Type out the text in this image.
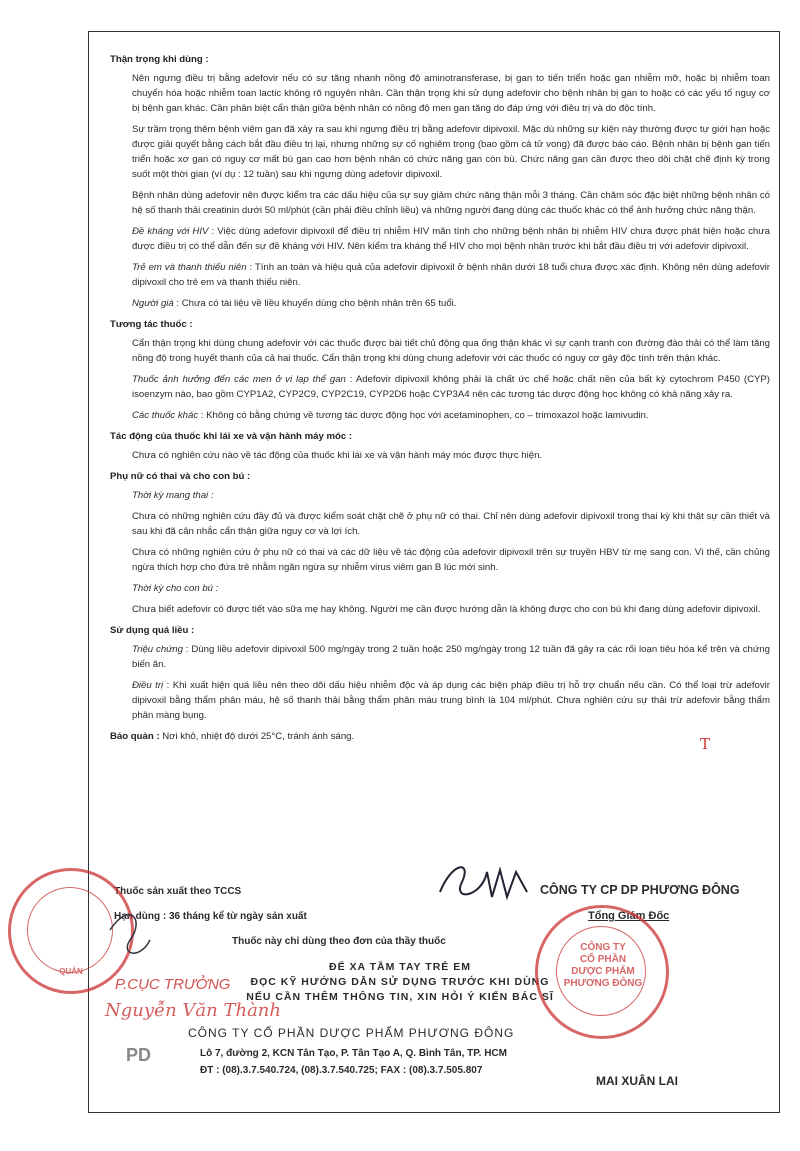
Thận trọng khi dùng :
Nên ngưng điều trị bằng adefovir nếu có sự tăng nhanh nồng độ aminotransferase, bị gan to tiến triển hoặc gan nhiễm mỡ, hoặc bị nhiễm toan chuyển hóa hoặc nhiễm toan lactic không rõ nguyên nhân. Cần thận trọng khi sử dụng adefovir cho bệnh nhân bị gan to hoặc có các yếu tố nguy cơ bị bệnh gan khác. Cần phân biệt cẩn thận giữa bệnh nhân có nồng độ men gan tăng do đáp ứng với điều trị và do độc tính.
Sự trầm trọng thêm bệnh viêm gan đã xảy ra sau khi ngưng điều trị bằng adefovir dipivoxil. Mặc dù những sự kiện này thường được tự giới hạn hoặc được giải quyết bằng cách bắt đầu điều trị lại, nhưng những sự cố nghiêm trọng (bao gồm cả tử vong) đã được báo cáo. Bệnh nhân bị bệnh gan tiến triển hoặc xơ gan có nguy cơ mất bù gan cao hơn bệnh nhân có chức năng gan còn bù. Chức năng gan cần được theo dõi chặt chẽ định kỳ trong suốt một thời gian (ví dụ : 12 tuần) sau khi ngưng dùng adefovir dipivoxil.
Bệnh nhân dùng adefovir nên được kiểm tra các dấu hiệu của sự suy giảm chức năng thận mỗi 3 tháng. Cần chăm sóc đặc biệt những bệnh nhân có hệ số thanh thải creatinin dưới 50 ml/phút (cần phải điều chỉnh liều) và những người đang dùng các thuốc khác có thể ảnh hưởng chức năng thận.
Đề kháng với HIV : Việc dùng adefovir dipivoxil để điều trị nhiễm HIV mãn tính cho những bệnh nhân bị nhiễm HIV chưa được phát hiện hoặc chưa được điều trị có thể dẫn đến sự đề kháng với HIV. Nên kiểm tra kháng thể HIV cho mọi bệnh nhân trước khi bắt đầu điều trị với adefovir dipivoxil.
Trẻ em và thanh thiếu niên : Tính an toàn và hiệu quả của adefovir dipivoxil ở bệnh nhân dưới 18 tuổi chưa được xác định. Không nên dùng adefovir dipivoxil cho trẻ em và thanh thiếu niên.
Người già : Chưa có tài liệu về liều khuyến dùng cho bệnh nhân trên 65 tuổi.
Tương tác thuốc :
Cẩn thận trọng khi dùng chung adefovir với các thuốc được bài tiết chủ động qua ống thận khác vì sự cạnh tranh con đường đào thải có thể làm tăng nồng độ trong huyết thanh của cả hai thuốc. Cẩn thận trọng khi dùng chung adefovir với các thuốc có nguy cơ gây độc tính trên thận khác.
Thuốc ảnh hưởng đến các men ở vi lạp thể gan : Adefovir dipivoxil không phải là chất ức chế hoặc chất nền của bất kỳ cytochrom P450 (CYP) isoenzym nào, bao gồm CYP1A2, CYP2C9, CYP2C19, CYP2D6 hoặc CYP3A4 nên các tương tác dược động học không có khả năng xảy ra.
Các thuốc khác : Không có bằng chứng về tương tác dược động học với acetaminophen, co – trimoxazol hoặc lamivudin.
Tác động của thuốc khi lái xe và vận hành máy móc :
Chưa có nghiên cứu nào về tác động của thuốc khi lái xe và vận hành máy móc được thực hiện.
Phụ nữ có thai và cho con bú :
Thời kỳ mang thai :
Chưa có những nghiên cứu đầy đủ và được kiểm soát chặt chẽ ở phụ nữ có thai. Chỉ nên dùng adefovir dipivoxil trong thai kỳ khi thật sự cần thiết và sau khi đã cân nhắc cẩn thận giữa nguy cơ và lợi ích.
Chưa có những nghiên cứu ở phụ nữ có thai và các dữ liệu về tác động của adefovir dipivoxil trên sự truyền HBV từ mẹ sang con. Vì thế, cần chủng ngừa thích hợp cho đứa trẻ nhằm ngăn ngừa sự nhiễm virus viêm gan B lúc mới sinh.
Thời kỳ cho con bú :
Chưa biết adefovir có được tiết vào sữa mẹ hay không. Người mẹ cần được hướng dẫn là không được cho con bú khi đang dùng adefovir dipivoxil.
Sử dụng quá liều :
Triệu chứng : Dùng liều adefovir dipivoxil 500 mg/ngày trong 2 tuần hoặc 250 mg/ngày trong 12 tuần đã gây ra các rối loạn tiêu hóa kể trên và chứng biến ăn.
Điều trị : Khi xuất hiện quá liều nên theo dõi dấu hiệu nhiễm độc và áp dụng các biện pháp điều trị hỗ trợ chuẩn nếu cần. Có thể loại trừ adefovir dipivoxil bằng thẩm phân máu, hệ số thanh thải bằng thẩm phân máu trung bình là 104 ml/phút. Chưa nghiên cứu sự thải trừ adefovir bằng thẩm phân màng bụng.
Bảo quản : Nơi khô, nhiệt độ dưới 25°C, tránh ánh sáng.
Thuốc sản xuất theo TCCS
Hạn dùng : 36 tháng kể từ ngày sản xuất
Thuốc này chỉ dùng theo đơn của thầy thuốc
CÔNG TY CP DP PHƯƠNG ĐÔNG
Tổng Giám Đốc
ĐỂ XA TẦM TAY TRẺ EM
ĐỌC KỸ HƯỚNG DẪN SỬ DỤNG TRƯỚC KHI DÙNG
NẾU CẦN THÊM THÔNG TIN, XIN HỎI Ý KIẾN BÁC SĨ
CÔNG TY CỔ PHẦN DƯỢC PHẨM PHƯƠNG ĐÔNG
Lô 7, đường 2, KCN Tân Tạo, P. Tân Tạo A, Q. Bình Tân, TP. HCM
ĐT : (08).3.7.540.724, (08).3.7.540.725; FAX : (08).3.7.505.807
PD
MAI XUÂN LAI
CÔNG TY
CỔ PHẦN
DƯỢC PHẨM
PHƯƠNG ĐÔNG
QUẢN
P.CỤC TRƯỞNG
Nguyễn Văn Thành
T
